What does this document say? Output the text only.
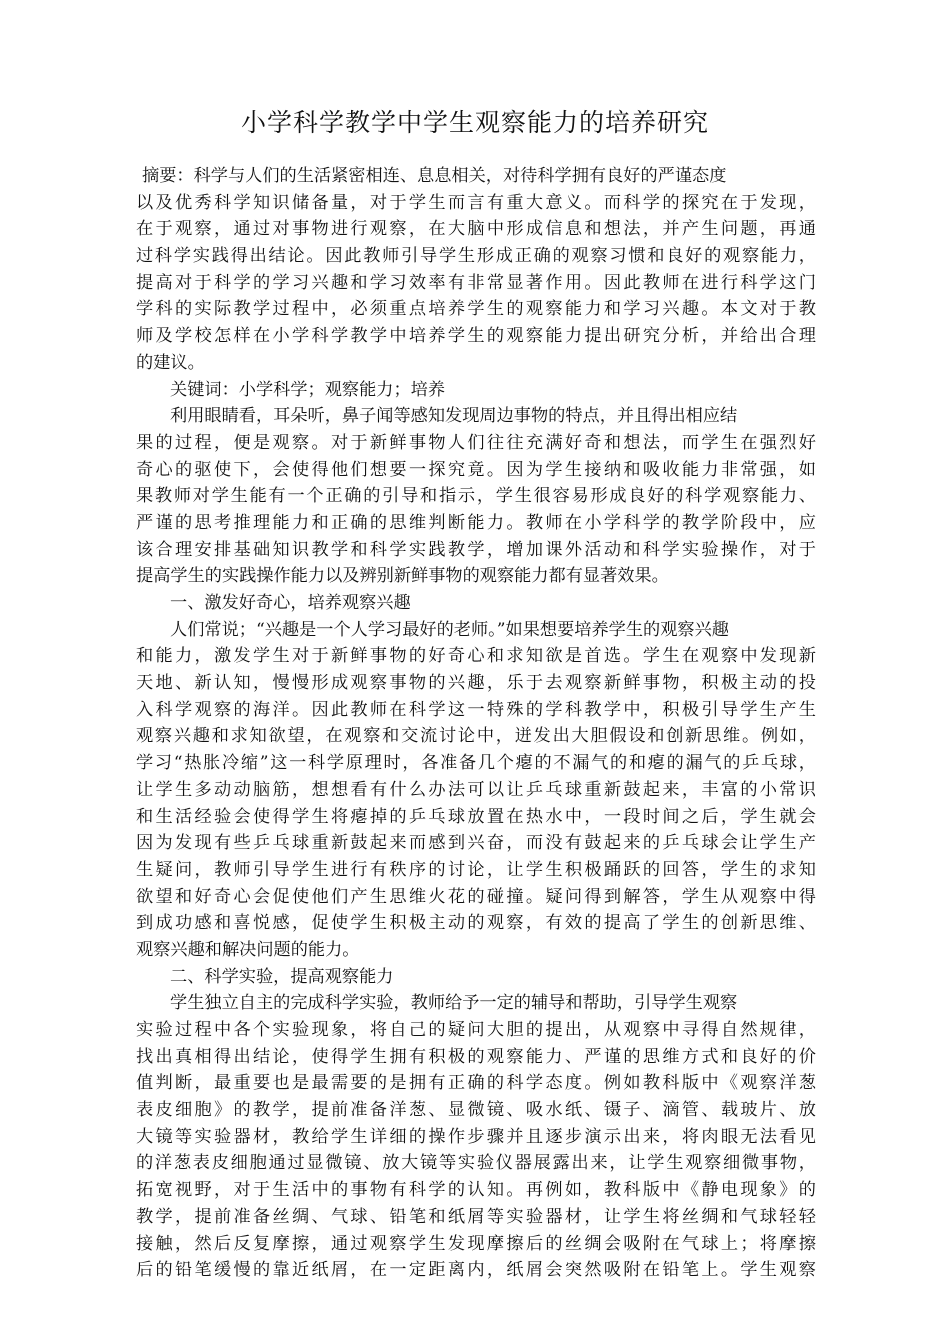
小学科学教学中学生观察能力的培养研究
摘要：科学与人们的生活紧密相连、息息相关，对待科学拥有良好的严谨态度
以及优秀科学知识储备量，对于学生而言有重大意义。而科学的探究在于发现，
在于观察，通过对事物进行观察，在大脑中形成信息和想法，并产生问题，再通
过科学实践得出结论。因此教师引导学生形成正确的观察习惯和良好的观察能力，
提高对于科学的学习兴趣和学习效率有非常显著作用。因此教师在进行科学这门
学科的实际教学过程中，必须重点培养学生的观察能力和学习兴趣。本文对于教
师及学校怎样在小学科学教学中培养学生的观察能力提出研究分析，并给出合理
的建议。
关键词：小学科学；观察能力；培养
利用眼睛看，耳朵听，鼻子闻等感知发现周边事物的特点，并且得出相应结
果的过程，便是观察。对于新鲜事物人们往往充满好奇和想法，而学生在强烈好
奇心的驱使下，会使得他们想要一探究竟。因为学生接纳和吸收能力非常强，如
果教师对学生能有一个正确的引导和指示，学生很容易形成良好的科学观察能力、
严谨的思考推理能力和正确的思维判断能力。教师在小学科学的教学阶段中，应
该合理安排基础知识教学和科学实践教学，增加课外活动和科学实验操作，对于
提高学生的实践操作能力以及辨别新鲜事物的观察能力都有显著效果。
一、激发好奇心，培养观察兴趣
人们常说；“兴趣是一个人学习最好的老师。”如果想要培养学生的观察兴趣
和能力，激发学生对于新鲜事物的好奇心和求知欲是首选。学生在观察中发现新
天地、新认知，慢慢形成观察事物的兴趣，乐于去观察新鲜事物，积极主动的投
入科学观察的海洋。因此教师在科学这一特殊的学科教学中，积极引导学生产生
观察兴趣和求知欲望，在观察和交流讨论中，迸发出大胆假设和创新思维。例如，
学习“热胀冷缩”这一科学原理时，各准备几个瘪的不漏气的和瘪的漏气的乒乓球，
让学生多动动脑筋，想想看有什么办法可以让乒乓球重新鼓起来，丰富的小常识
和生活经验会使得学生将瘪掉的乒乓球放置在热水中，一段时间之后，学生就会
因为发现有些乒乓球重新鼓起来而感到兴奋，而没有鼓起来的乒乓球会让学生产
生疑问，教师引导学生进行有秩序的讨论，让学生积极踊跃的回答，学生的求知
欲望和好奇心会促使他们产生思维火花的碰撞。疑问得到解答，学生从观察中得
到成功感和喜悦感，促使学生积极主动的观察，有效的提高了学生的创新思维、
观察兴趣和解决问题的能力。
二、科学实验，提高观察能力
学生独立自主的完成科学实验，教师给予一定的辅导和帮助，引导学生观察
实验过程中各个实验现象，将自己的疑问大胆的提出，从观察中寻得自然规律，
找出真相得出结论，使得学生拥有积极的观察能力、严谨的思维方式和良好的价
值判断，最重要也是最需要的是拥有正确的科学态度。例如教科版中《观察洋葱
表皮细胞》的教学，提前准备洋葱、显微镜、吸水纸、镊子、滴管、载玻片、放
大镜等实验器材，教给学生详细的操作步骤并且逐步演示出来，将肉眼无法看见
的洋葱表皮细胞通过显微镜、放大镜等实验仪器展露出来，让学生观察细微事物，
拓宽视野，对于生活中的事物有科学的认知。再例如，教科版中《静电现象》的
教学，提前准备丝绸、气球、铅笔和纸屑等实验器材，让学生将丝绸和气球轻轻
接触，然后反复摩擦，通过观察学生发现摩擦后的丝绸会吸附在气球上；将摩擦
后的铅笔缓慢的靠近纸屑，在一定距离内，纸屑会突然吸附在铅笔上。学生观察
